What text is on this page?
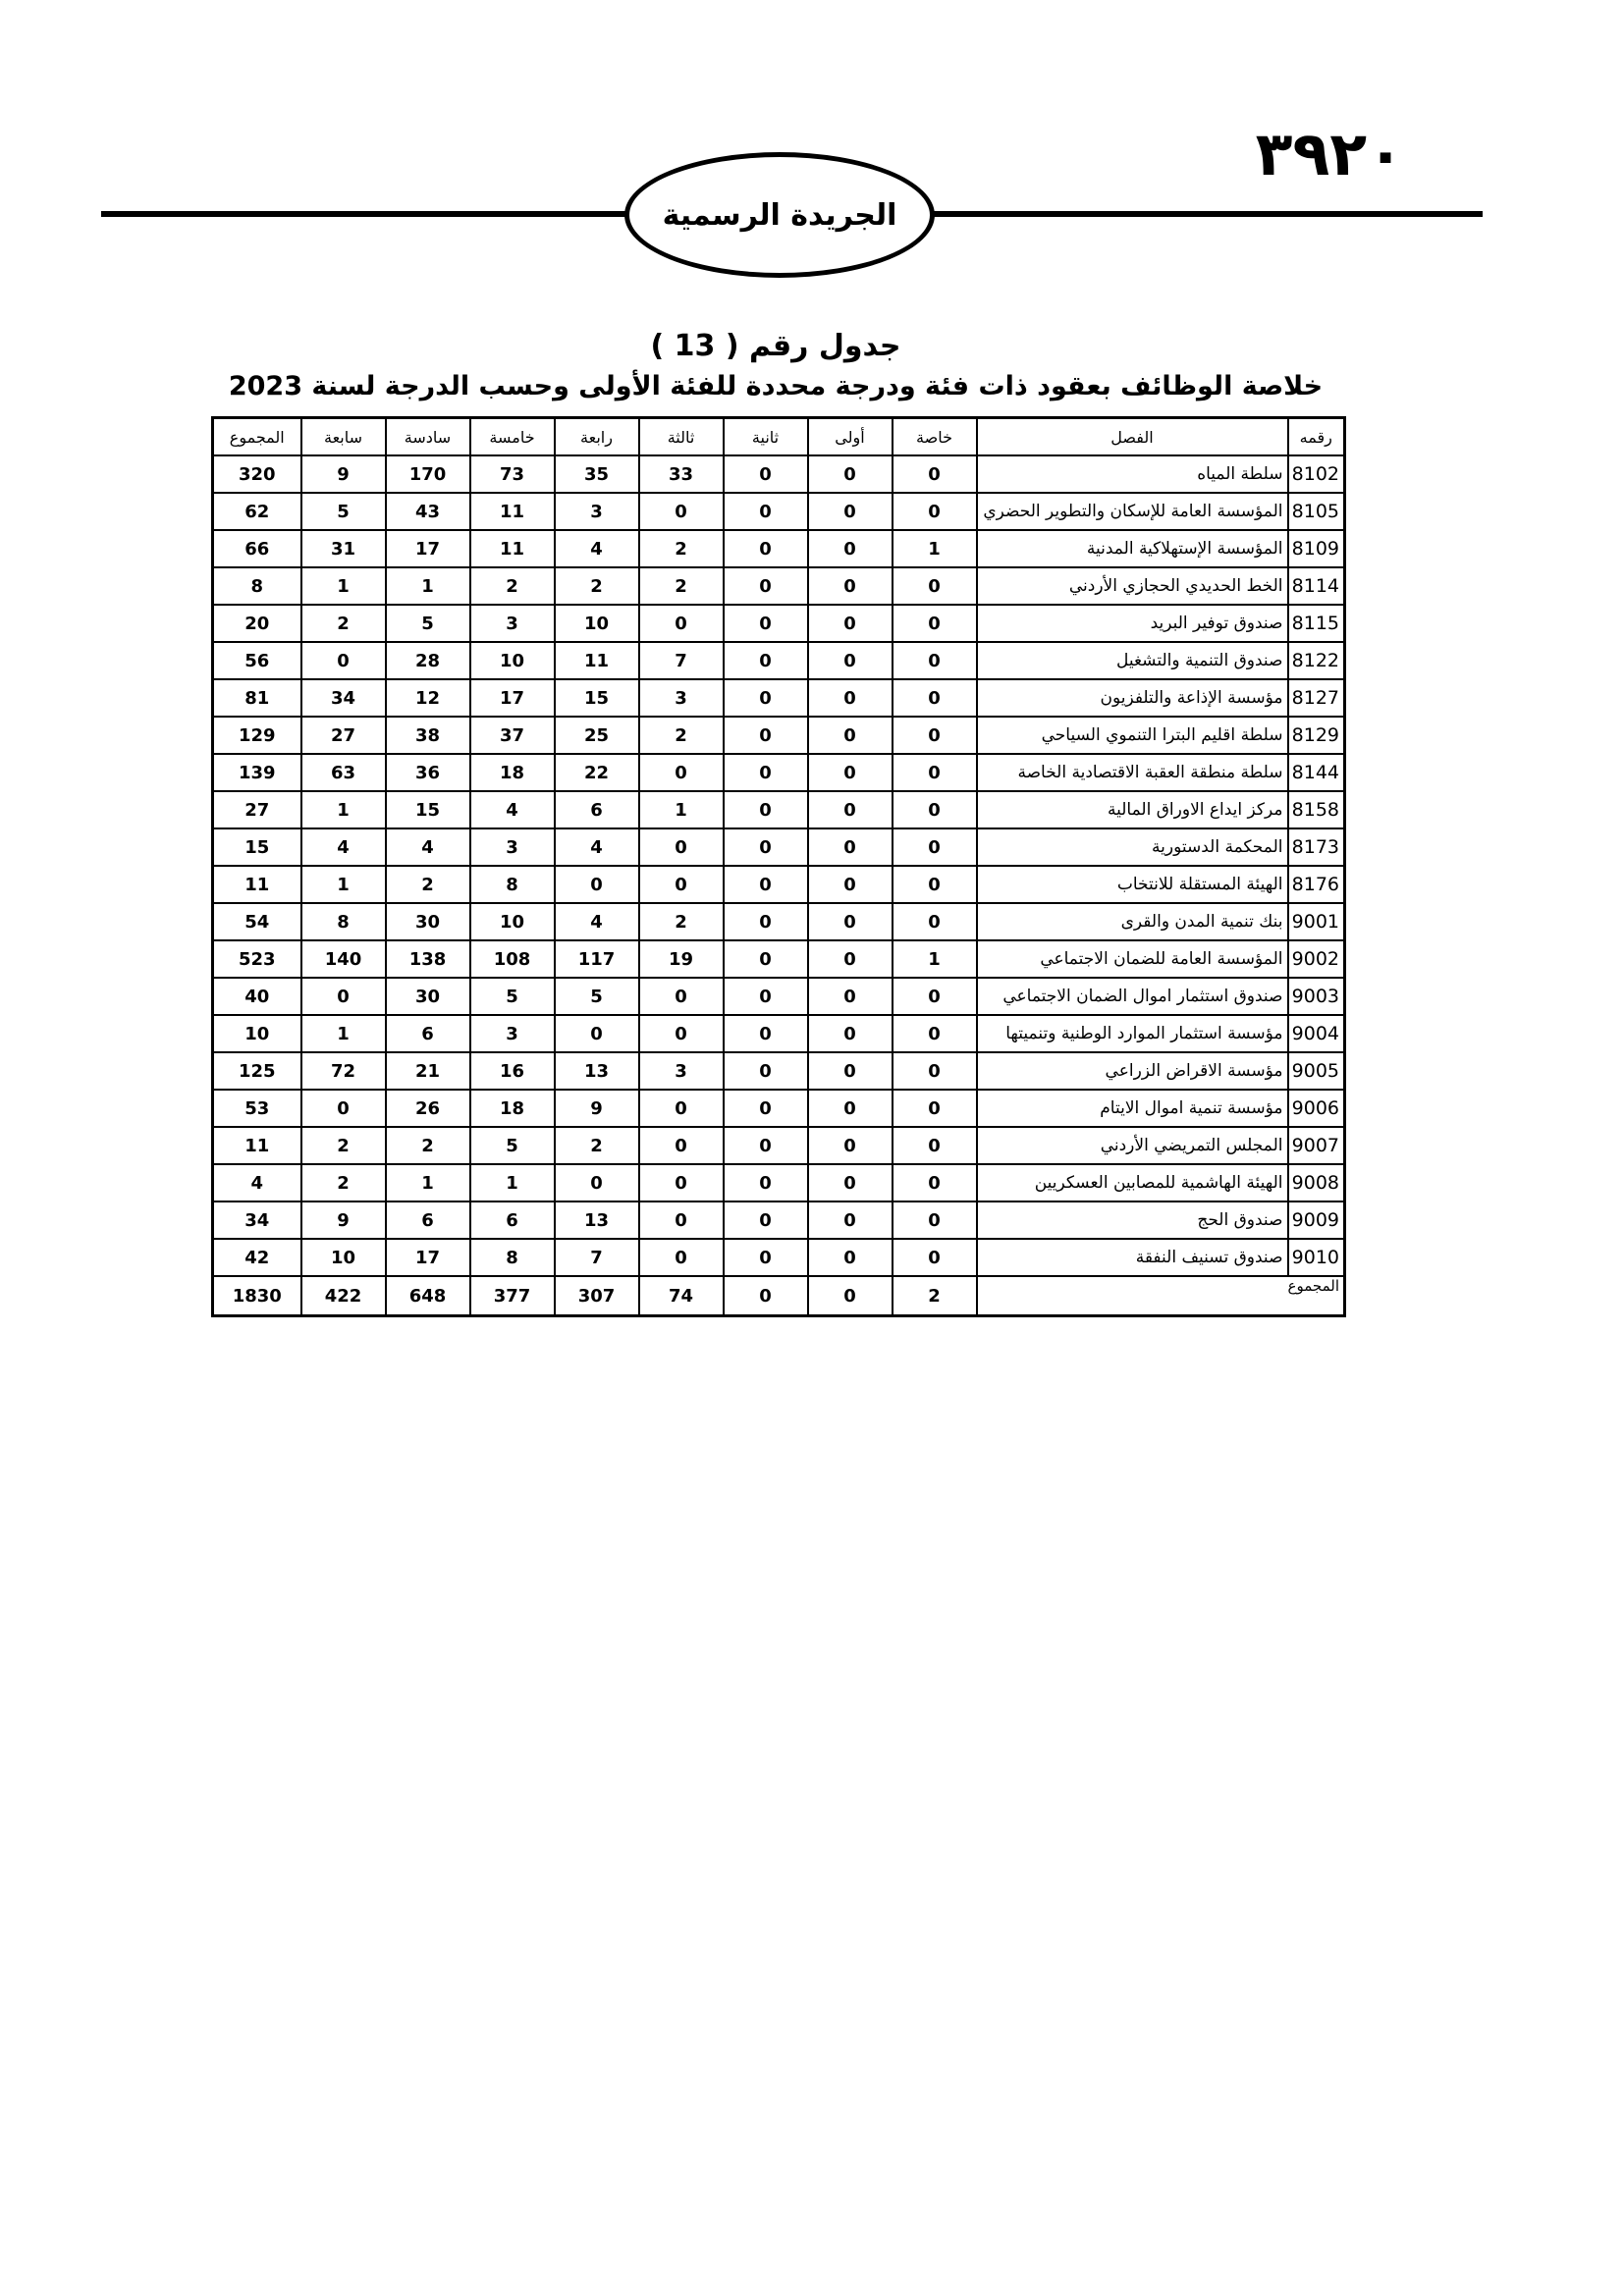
٣٩٢٠
الجريدة الرسمية
جدول رقم ( 13 )
خلاصة الوظائف بعقود ذات فئة ودرجة محددة للفئة الأولى وحسب الدرجة لسنة 2023
رقمه	الفصل	خاصة	أولى	ثانية	ثالثة	رابعة	خامسة	سادسة	سابعة	المجموع
8102	سلطة المياه	0	0	0	33	35	73	170	9	320
8105	المؤسسة العامة للإسكان والتطوير الحضري	0	0	0	0	3	11	43	5	62
8109	المؤسسة الإستهلاكية المدنية	1	0	0	2	4	11	17	31	66
8114	الخط الحديدي الحجازي الأردني	0	0	0	2	2	2	1	1	8
8115	صندوق توفير البريد	0	0	0	0	10	3	5	2	20
8122	صندوق التنمية والتشغيل	0	0	0	7	11	10	28	0	56
8127	مؤسسة الإذاعة والتلفزيون	0	0	0	3	15	17	12	34	81
8129	سلطة اقليم البترا التنموي السياحي	0	0	0	2	25	37	38	27	129
8144	سلطة منطقة العقبة الاقتصادية الخاصة	0	0	0	0	22	18	36	63	139
8158	مركز ايداع الاوراق المالية	0	0	0	1	6	4	15	1	27
8173	المحكمة الدستورية	0	0	0	0	4	3	4	4	15
8176	الهيئة المستقلة للانتخاب	0	0	0	0	0	8	2	1	11
9001	بنك تنمية المدن والقرى	0	0	0	2	4	10	30	8	54
9002	المؤسسة العامة للضمان الاجتماعي	1	0	0	19	117	108	138	140	523
9003	صندوق استثمار اموال الضمان الاجتماعي	0	0	0	0	5	5	30	0	40
9004	مؤسسة استثمار الموارد الوطنية وتنميتها	0	0	0	0	0	3	6	1	10
9005	مؤسسة الاقراض الزراعي	0	0	0	3	13	16	21	72	125
9006	مؤسسة تنمية اموال الايتام	0	0	0	0	9	18	26	0	53
9007	المجلس التمريضي الأردني	0	0	0	0	2	5	2	2	11
9008	الهيئة الهاشمية للمصابين العسكريين	0	0	0	0	0	1	1	2	4
9009	صندوق الحج	0	0	0	0	13	6	6	9	34
9010	صندوق تسنيف النفقة	0	0	0	0	7	8	17	10	42
المجموع		2	0	0	74	307	377	648	422	1830
